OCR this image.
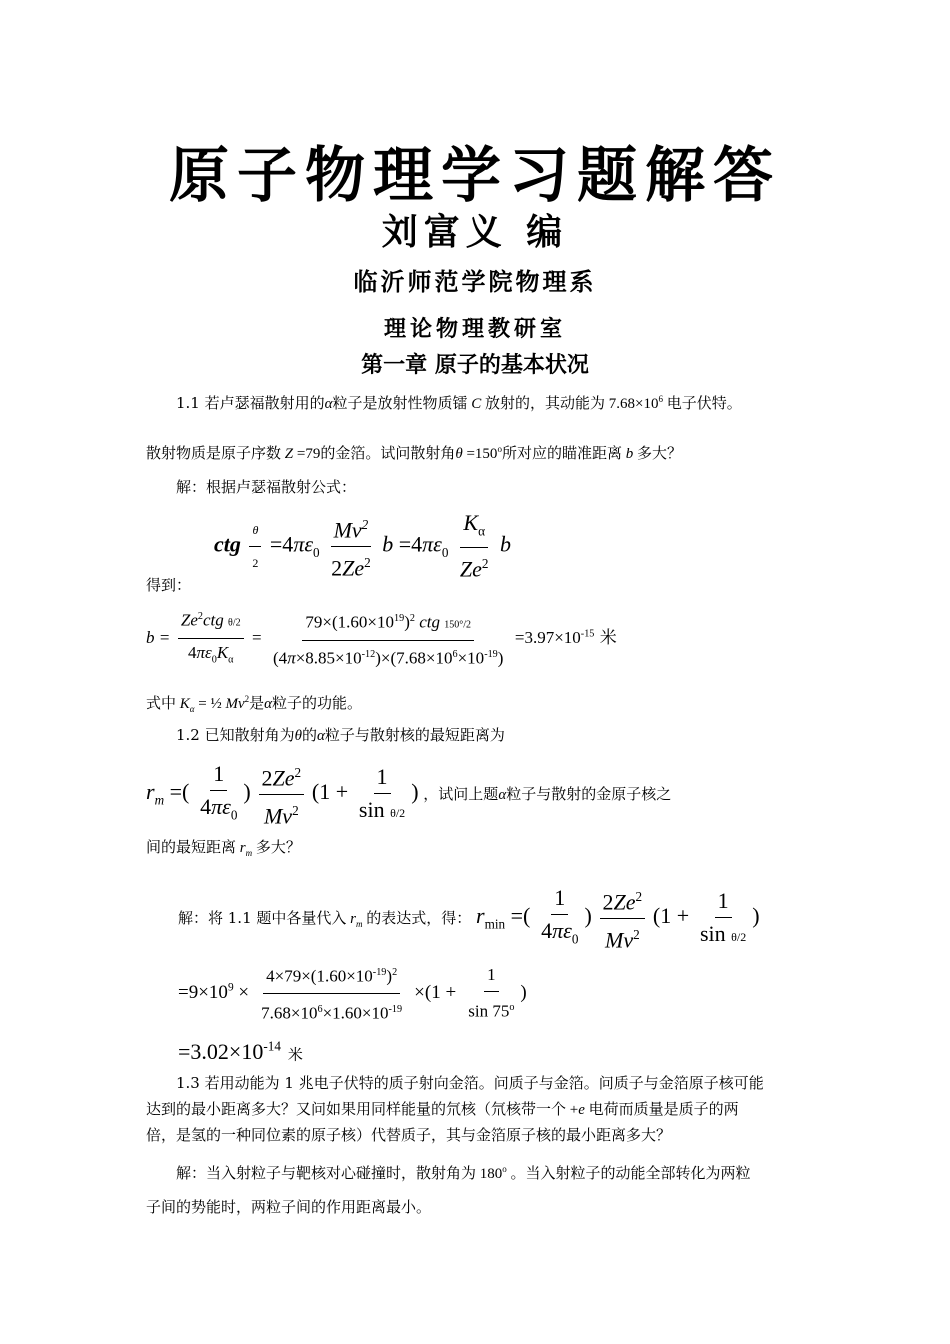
原子物理学习题解答
刘富义 编
临沂师范学院物理系
理论物理教研室
第一章 原子的基本状况
1.1 若卢瑟福散射用的α粒子是放射性物质镭 C 放射的，其动能为 $7.68\times 10^6$ 电子伏特。
散射物质是原子序数 Z =79的金箔。试问散射角$\theta =150^o$所对应的瞄准距离 b 多大？
解：根据卢瑟福散射公式：
ctg $\frac{\theta}{2} =4\pi\varepsilon_0 \frac{Mv^2}{2Ze^2}$ $b =4\pi\varepsilon_0 \frac{K_\alpha}{Ze^2}$ b
得到：
$b = \frac{Ze^2ctg \theta/2}{4\pi\varepsilon_0K_\alpha} = \frac{79\times(1.60\times 10^{19})^2 ctg 150^\circ/2}{(4\pi\times 8.85\times 10^{-12})\times(7.68\times 10^6\times 10^{-19})} =3.97\times 10^{-15}$ 米
式中 $K_\alpha$ = ½ Mv$^2$是α粒子的功能。
1.2 已知散射角为θ的α粒子与散射核的最短距离为
$r_m$ =( $\frac{1}{4\pi\varepsilon_0}$ ) $\frac{2Ze^2}{Mv^2} (1 + \frac{1}{\text{sin θ/2}}$ ) ，试问上题α粒子与散射的金原子核之
间的最短距离 $r_m$ 多大？
解：将 1.1 题中各量代入 $r_m$ 的表达式，得： $r_{min}$ =( $\frac{1}{4\pi\varepsilon_0}$ ) $\frac{2Ze^2}{Mv^2} (1 + \frac{1}{\text{sin θ/2}}$ )
$=9\times 10^9 \times \frac{4\times 79\times(1.60\times 10^{-19})^2}{7.68\times 10^6\times 1.60\times 10^{-19}} \times(1 + \frac{1}{\sin 75^o}$ )
$=3.02\times 10^{-14}$ 米
1.3 若用动能为 1 兆电子伏特的质子射向金箔。问质子与金箔。问质子与金箔原子核可能
达到的最小距离多大？又问如果用同样能量的氘核（氘核带一个 +e 电荷而质量是质子的两
倍，是氢的一种同位素的原子核）代替质子，其与金箔原子核的最小距离多大？
解：当入射粒子与靶核对心碰撞时，散射角为 180$^o$ 。当入射粒子的动能全部转化为两粒
子间的势能时，两粒子间的作用距离最小。
